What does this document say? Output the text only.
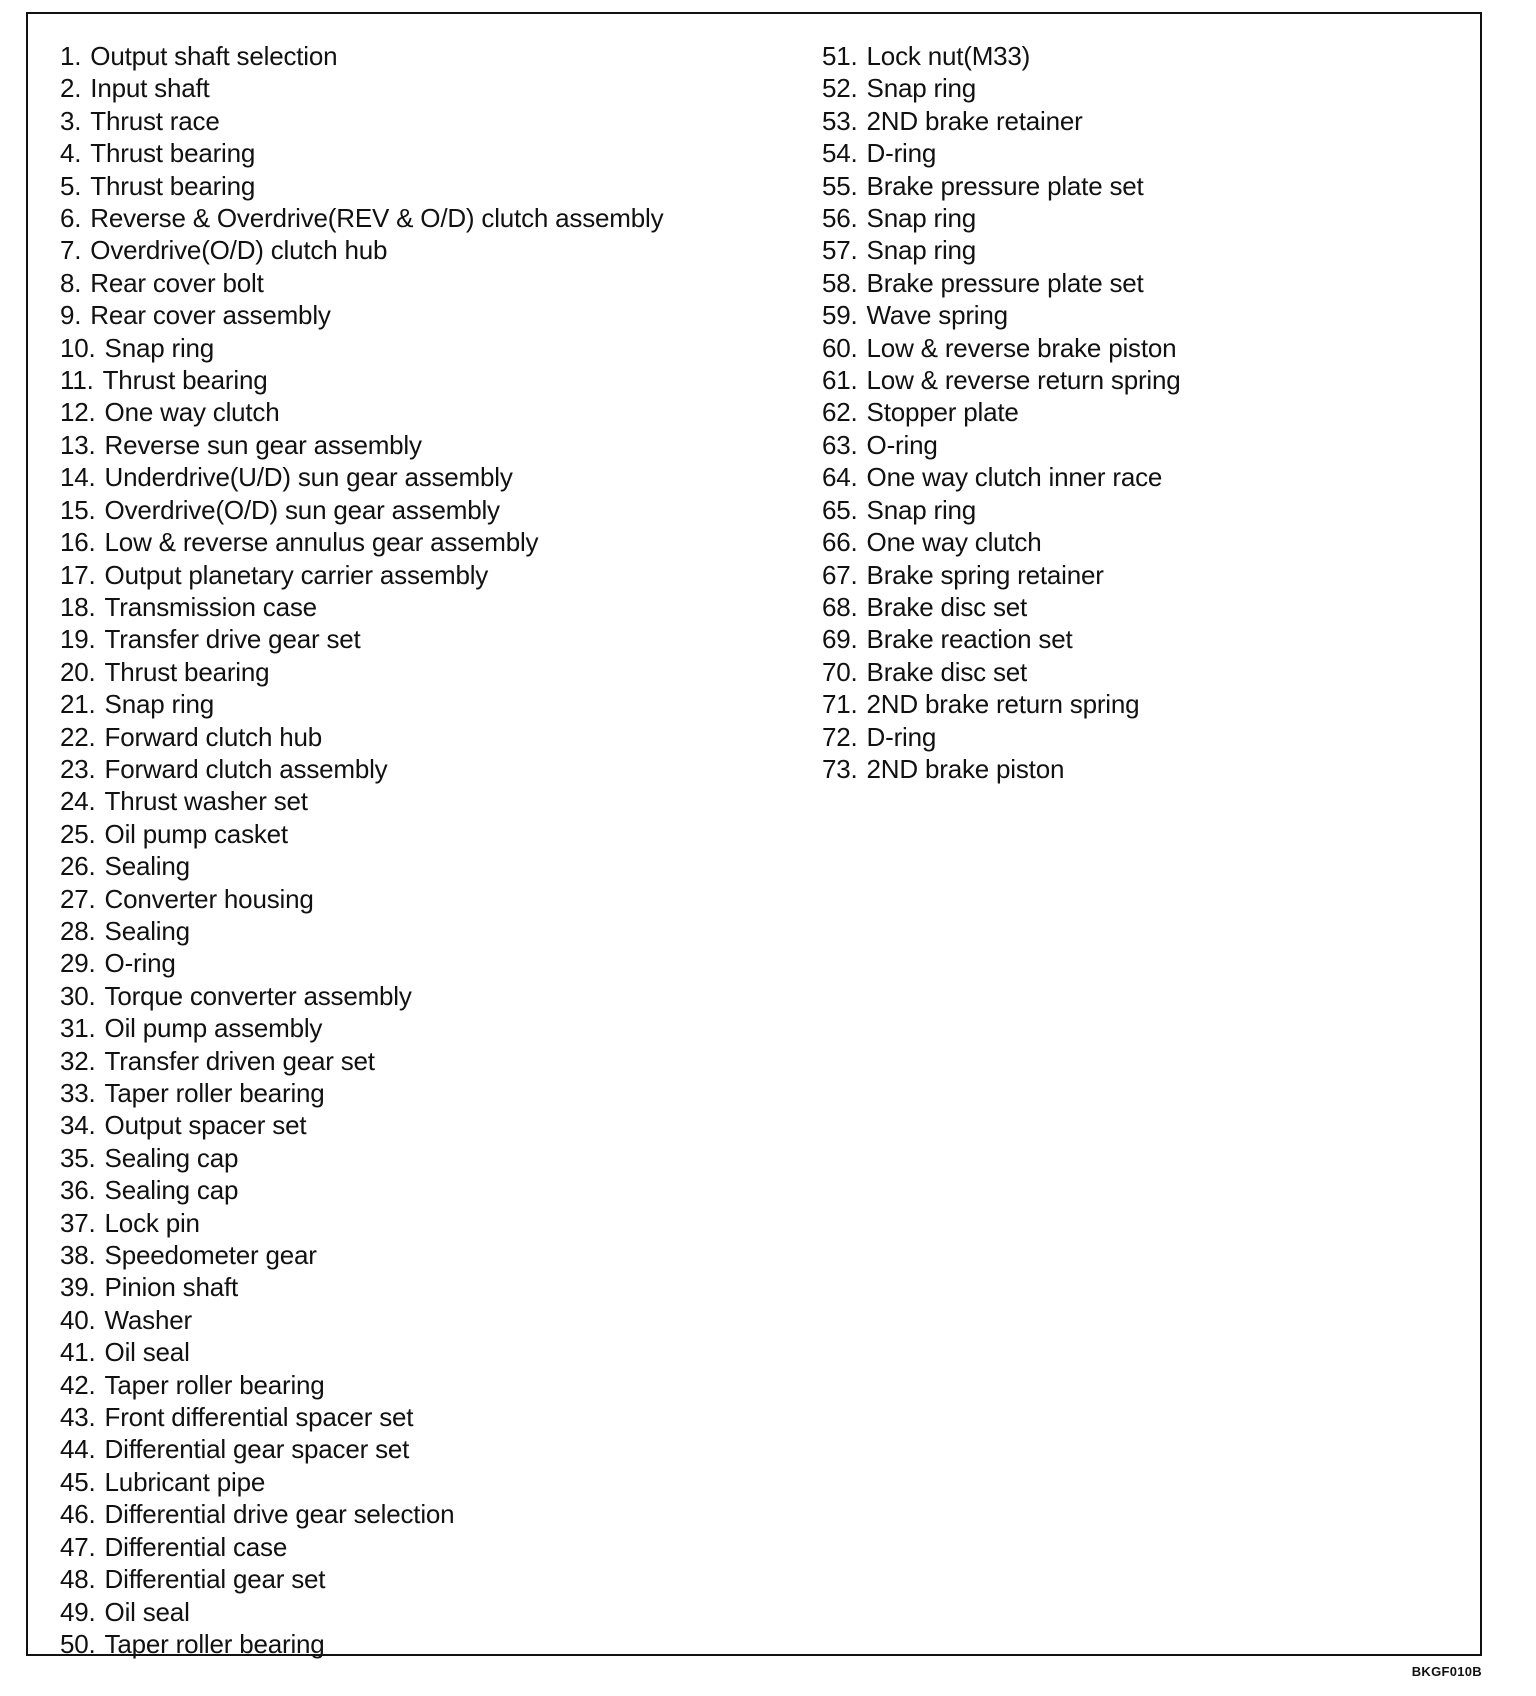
1. Output shaft selection
2. Input shaft
3. Thrust race
4. Thrust bearing
5. Thrust bearing
6. Reverse & Overdrive(REV & O/D) clutch assembly
7. Overdrive(O/D) clutch hub
8. Rear cover bolt
9. Rear cover assembly
10. Snap ring
11. Thrust bearing
12. One way clutch
13. Reverse sun gear assembly
14. Underdrive(U/D) sun gear assembly
15. Overdrive(O/D) sun gear assembly
16. Low & reverse annulus gear assembly
17. Output planetary carrier assembly
18. Transmission case
19. Transfer drive gear set
20. Thrust bearing
21. Snap ring
22. Forward clutch hub
23. Forward clutch assembly
24. Thrust washer set
25. Oil pump casket
26. Sealing
27. Converter housing
28. Sealing
29. O-ring
30. Torque converter assembly
31. Oil pump assembly
32. Transfer driven gear set
33. Taper roller bearing
34. Output spacer set
35. Sealing cap
36. Sealing cap
37. Lock pin
38. Speedometer gear
39. Pinion shaft
40. Washer
41. Oil seal
42. Taper roller bearing
43. Front differential spacer set
44. Differential gear spacer set
45. Lubricant pipe
46. Differential drive gear selection
47. Differential case
48. Differential gear set
49. Oil seal
50. Taper roller bearing
51. Lock nut(M33)
52. Snap ring
53. 2ND brake retainer
54. D-ring
55. Brake pressure plate set
56. Snap ring
57. Snap ring
58. Brake pressure plate set
59. Wave spring
60. Low & reverse brake piston
61. Low & reverse return spring
62. Stopper plate
63. O-ring
64. One way clutch inner race
65. Snap ring
66. One way clutch
67. Brake spring retainer
68. Brake disc set
69. Brake reaction set
70. Brake disc set
71. 2ND brake return spring
72. D-ring
73. 2ND brake piston
BKGF010B
